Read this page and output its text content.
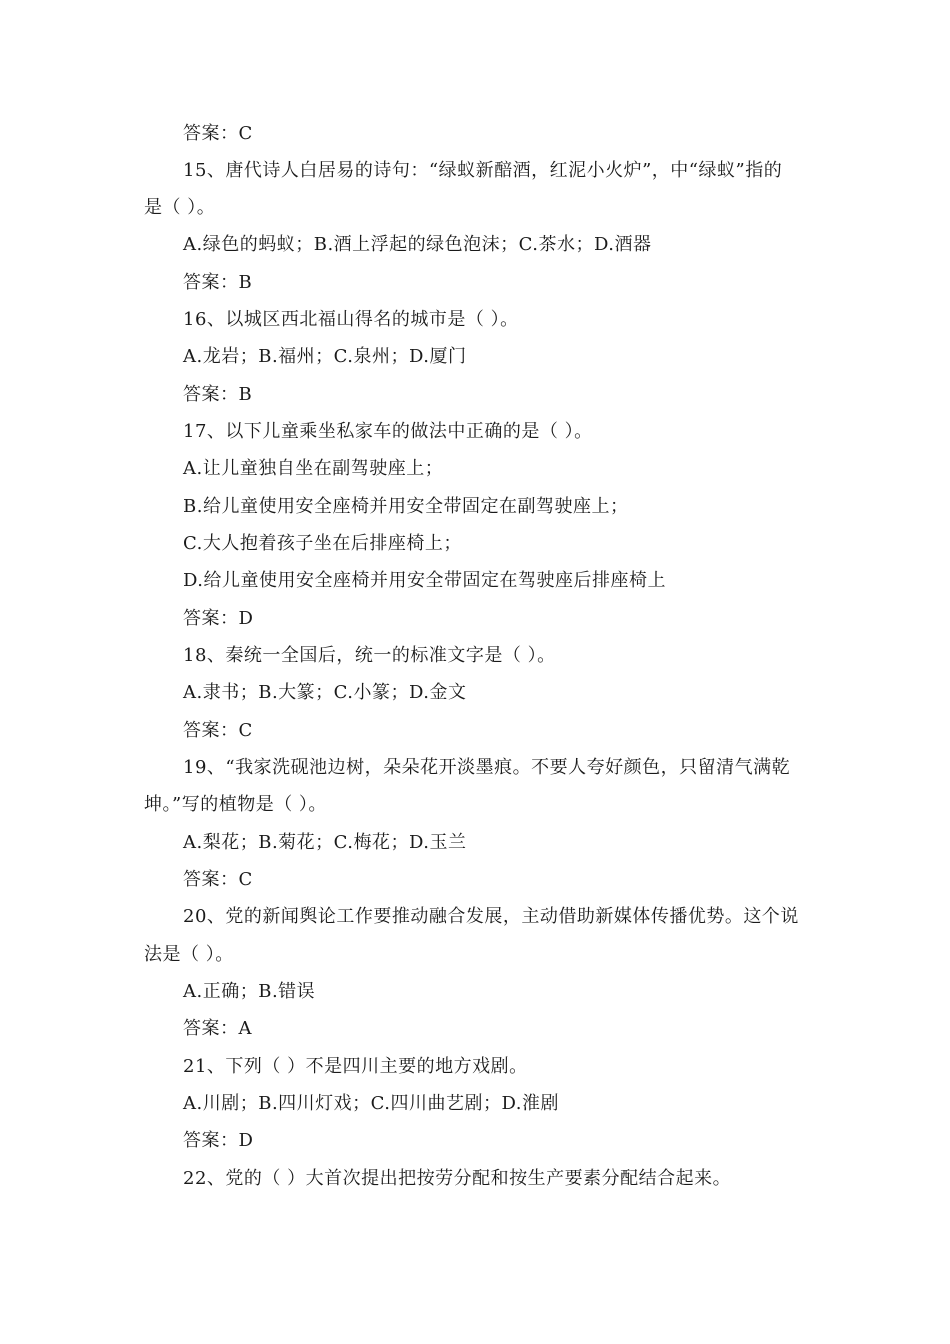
答案：C
15、唐代诗人白居易的诗句：“绿蚁新醅酒，红泥小火炉”，中“绿蚁”指的
是（ ）。
A.绿色的蚂蚁；B.酒上浮起的绿色泡沫；C.茶水；D.酒器
答案：B
16、以城区西北福山得名的城市是（ ）。
A.龙岩；B.福州；C.泉州；D.厦门
答案：B
17、以下儿童乘坐私家车的做法中正确的是（ ）。
A.让儿童独自坐在副驾驶座上；
B.给儿童使用安全座椅并用安全带固定在副驾驶座上；
C.大人抱着孩子坐在后排座椅上；
D.给儿童使用安全座椅并用安全带固定在驾驶座后排座椅上
答案：D
18、秦统一全国后，统一的标准文字是（ ）。
A.隶书；B.大篆；C.小篆；D.金文
答案：C
19、“我家洗砚池边树，朵朵花开淡墨痕。不要人夸好颜色，只留清气满乾
坤。”写的植物是（ ）。
A.梨花；B.菊花；C.梅花；D.玉兰
答案：C
20、党的新闻舆论工作要推动融合发展，主动借助新媒体传播优势。这个说
法是（ ）。
A.正确；B.错误
答案：A
21、下列（ ）不是四川主要的地方戏剧。
A.川剧；B.四川灯戏；C.四川曲艺剧；D.淮剧
答案：D
22、党的（ ）大首次提出把按劳分配和按生产要素分配结合起来。
